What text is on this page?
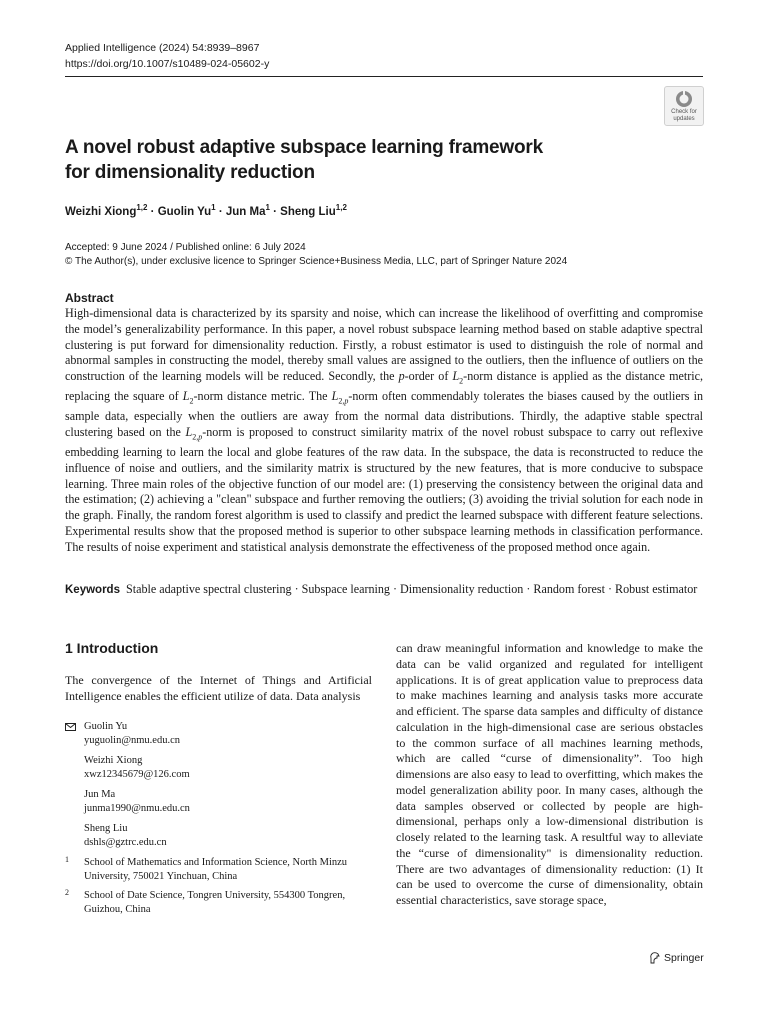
Applied Intelligence (2024) 54:8939–8967
https://doi.org/10.1007/s10489-024-05602-y
Check for
updates
A novel robust adaptive subspace learning framework
for dimensionality reduction
Weizhi Xiong$^{1,2}$ · Guolin $Yu^1$ · Jun $Ma^1$ · Sheng Liu$^{1,2}$
Accepted: 9 June 2024 / Published online: 6 July 2024
© The Author(s), under exclusive licence to Springer Science+Business Media, LLC, part of Springer Nature 2024
Abstract

High-dimensional data is characterized by its sparsity and noise, which can increase the likelihood of overfitting and compromise the model’s generalizability performance. In this paper, a novel robust subspace learning method based on stable adaptive spectral clustering is put forward for dimensionality reduction. Firstly, a robust estimator is used to distinguish the role of normal and abnormal samples in constructing the model, thereby small values are assigned to the outliers, then the influence of outliers on the construction of the learning models will be reduced. Secondly, the p-order of $L_2$-norm distance is applied as the distance metric, replacing the square of $L_2$-norm distance metric. The $L_{2,p}$-norm often commendably tolerates the biases caused by the outliers in sample data, especially when the outliers are away from the normal data distributions. Thirdly, the adaptive stable spectral clustering based on the $L_{2,p}$-norm is proposed to construct similarity matrix of the novel robust subspace to carry out reflexive embedding learning to learn the local and globe features of the raw data. In the subspace, the data is reconstructed to reduce the influence of noise and outliers, and the similarity matrix is structured by the new features, that is more conducive to subspace learning. Three main roles of the objective function of our model are: (1) preserving the consistency between the original data and the estimation; (2) achieving a "clean" subspace and further removing the outliers; (3) avoiding the trivial solution for each node in the graph. Finally, the random forest algorithm is used to classify and predict the learned subspace with different feature selections. Experimental results show that the proposed method is superior to other subspace learning methods in classification performance. The results of noise experiment and statistical analysis demonstrate the effectiveness of the proposed method once again.

Keywords Stable adaptive spectral clustering · Subspace learning · Dimensionality reduction · Random forest · Robust estimator

1 Introduction

The convergence of the Internet of Things and Artificial Intelligence enables the efficient utilize of data. Data analysis

can draw meaningful information and knowledge to make the data can be valid organized and regulated for intelligent applications. It is of great application value to preprocess data to make machines learning and analysis tasks more accurate and efficient. The sparse data samples and difficulty of distance calculation in the high-dimensional case are serious obstacles to the common surface of all machines learning methods, which are called “curse of dimensionality”. Too high dimensions are also easy to lead to overfitting, which makes the model generalization ability poor. In many cases, although the data samples observed or collected by people are high-dimensional, perhaps only a low-dimensional distribution is closely related to the learning task. A resultful way to alleviate the “curse of dimensionality" is dimensionality reduction. There are two advantages of dimensionality reduction: (1) It can be used to overcome the curse of dimensionality, obtain essential characteristics, save storage space,

Guolin Yu
yuguolin@nmu.edu.cn
Weizhi Xiong
xwz12345679@126.com
Jun Ma
junma1990@nmu.edu.cn
Sheng Liu
dshls@gztrc.edu.cn
1 School of Mathematics and Information Science, North Minzu University, 750021 Yinchuan, China
2 School of Date Science, Tongren University, 554300 Tongren, Guizhou, China
Springer
